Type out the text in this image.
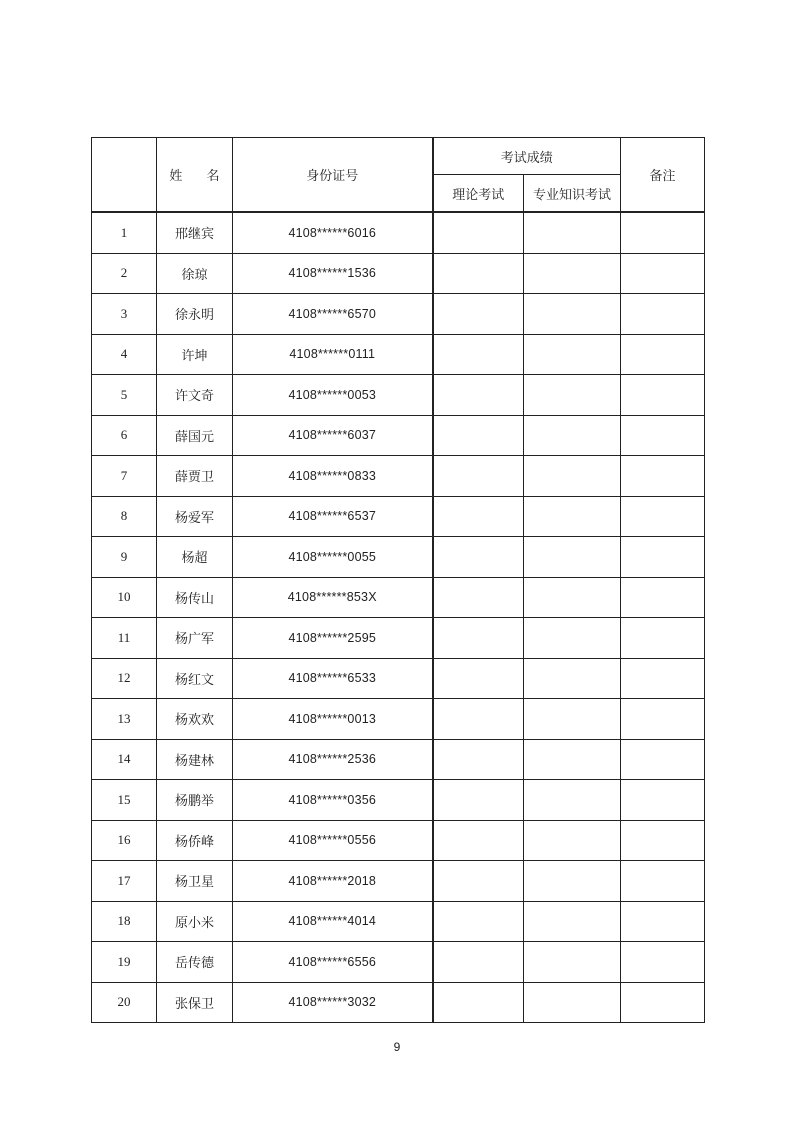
	姓 名	身份证号	考试成绩		备注
			理论考试	专业知识考试	
1	邢继宾	4108******6016			
2	徐琼	4108******1536			
3	徐永明	4108******6570			
4	许坤	4108******0111			
5	许文奇	4108******0053			
6	薛国元	4108******6037			
7	薛贾卫	4108******0833			
8	杨爱军	4108******6537			
9	杨超	4108******0055			
10	杨传山	4108******853X			
11	杨广军	4108******2595			
12	杨红文	4108******6533			
13	杨欢欢	4108******0013			
14	杨建林	4108******2536			
15	杨鹏举	4108******0356			
16	杨侨峰	4108******0556			
17	杨卫星	4108******2018			
18	原小米	4108******4014			
19	岳传德	4108******6556			
20	张保卫	4108******3032			
9
